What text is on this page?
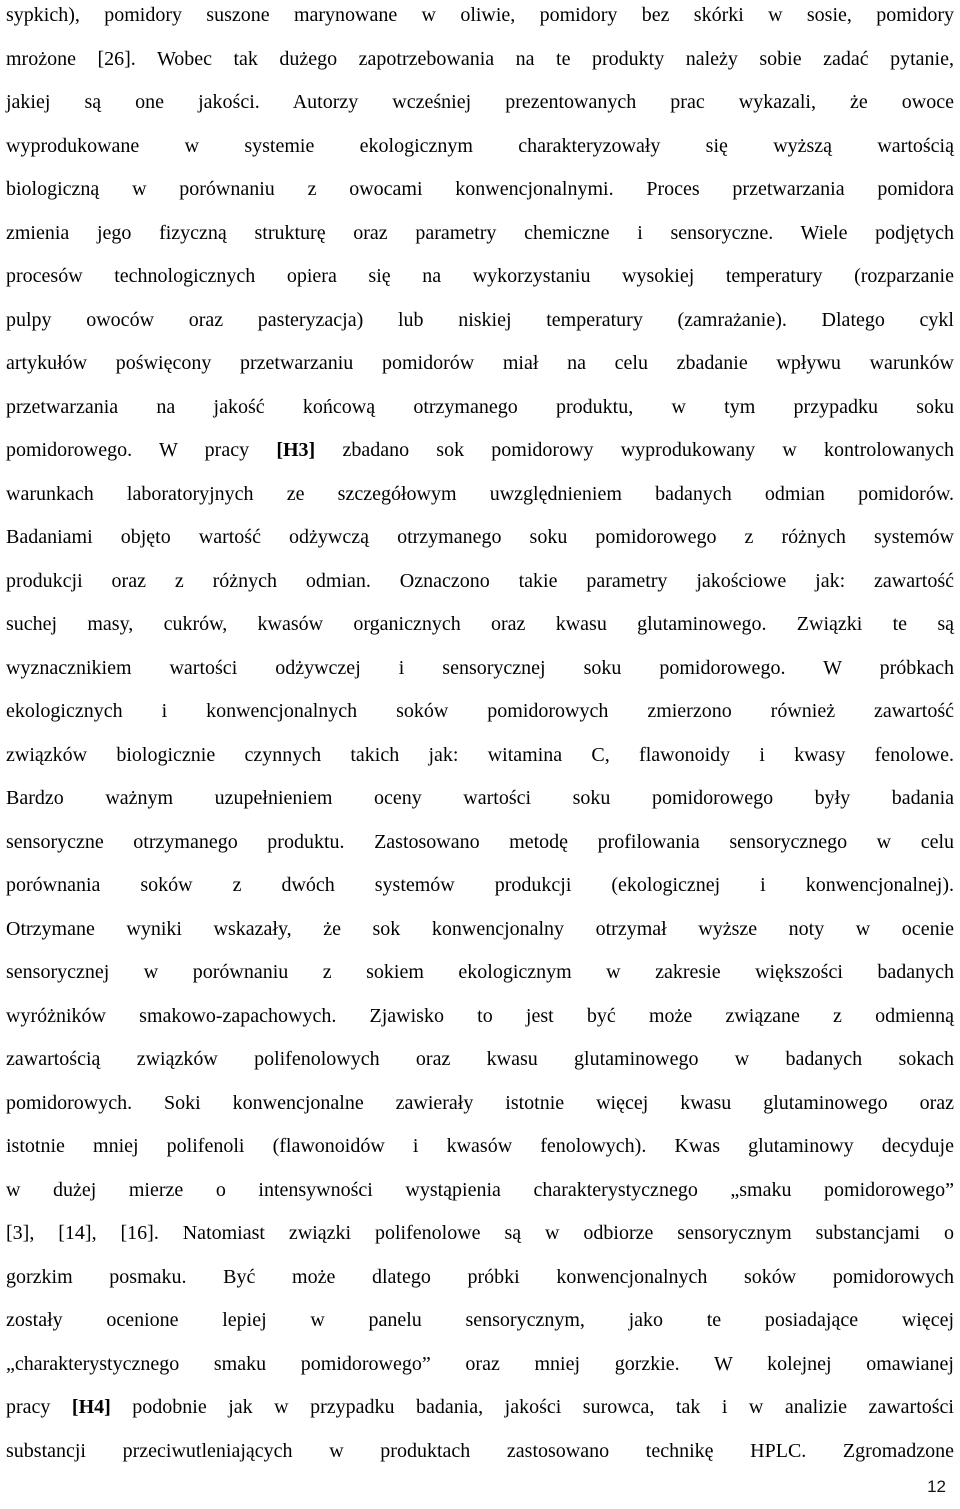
sypkich), pomidory suszone marynowane w oliwie, pomidory bez skórki w sosie, pomidory
mrożone [26]. Wobec tak dużego zapotrzebowania na te produkty należy sobie zadać pytanie,
jakiej są one jakości. Autorzy wcześniej prezentowanych prac wykazali, że owoce
wyprodukowane w systemie ekologicznym charakteryzowały się wyższą wartością
biologiczną w porównaniu z owocami konwencjonalnymi. Proces przetwarzania pomidora
zmienia jego fizyczną strukturę oraz parametry chemiczne i sensoryczne. Wiele podjętych
procesów technologicznych opiera się na wykorzystaniu wysokiej temperatury (rozparzanie
pulpy owoców oraz pasteryzacja) lub niskiej temperatury (zamrażanie). Dlatego cykl
artykułów poświęcony przetwarzaniu pomidorów miał na celu zbadanie wpływu warunków
przetwarzania na jakość końcową otrzymanego produktu, w tym przypadku soku
pomidorowego. W pracy [H3] zbadano sok pomidorowy wyprodukowany w kontrolowanych
warunkach laboratoryjnych ze szczegółowym uwzględnieniem badanych odmian pomidorów.
Badaniami objęto wartość odżywczą otrzymanego soku pomidorowego z różnych systemów
produkcji oraz z różnych odmian. Oznaczono takie parametry jakościowe jak: zawartość
suchej masy, cukrów, kwasów organicznych oraz kwasu glutaminowego. Związki te są
wyznacznikiem wartości odżywczej i sensorycznej soku pomidorowego. W próbkach
ekologicznych i konwencjonalnych soków pomidorowych zmierzono również zawartość
związków biologicznie czynnych takich jak: witamina C, flawonoidy i kwasy fenolowe.
Bardzo ważnym uzupełnieniem oceny wartości soku pomidorowego były badania
sensoryczne otrzymanego produktu. Zastosowano metodę profilowania sensorycznego w celu
porównania soków z dwóch systemów produkcji (ekologicznej i konwencjonalnej).
Otrzymane wyniki wskazały, że sok konwencjonalny otrzymał wyższe noty w ocenie
sensorycznej w porównaniu z sokiem ekologicznym w zakresie większości badanych
wyróżników smakowo-zapachowych. Zjawisko to jest być może związane z odmienną
zawartością związków polifenolowych oraz kwasu glutaminowego w badanych sokach
pomidorowych. Soki konwencjonalne zawierały istotnie więcej kwasu glutaminowego oraz
istotnie mniej polifenoli (flawonoidów i kwasów fenolowych). Kwas glutaminowy decyduje
w dużej mierze o intensywności wystąpienia charakterystycznego „smaku pomidorowego”
[3], [14], [16]. Natomiast związki polifenolowe są w odbiorze sensorycznym substancjami o
gorzkim posmaku. Być może dlatego próbki konwencjonalnych soków pomidorowych
zostały ocenione lepiej w panelu sensorycznym, jako te posiadające więcej
„charakterystycznego smaku pomidorowego” oraz mniej gorzkie. W kolejnej omawianej
pracy [H4] podobnie jak w przypadku badania, jakości surowca, tak i w analizie zawartości
substancji przeciwutleniających w produktach zastosowano technikę HPLC. Zgromadzone
12
